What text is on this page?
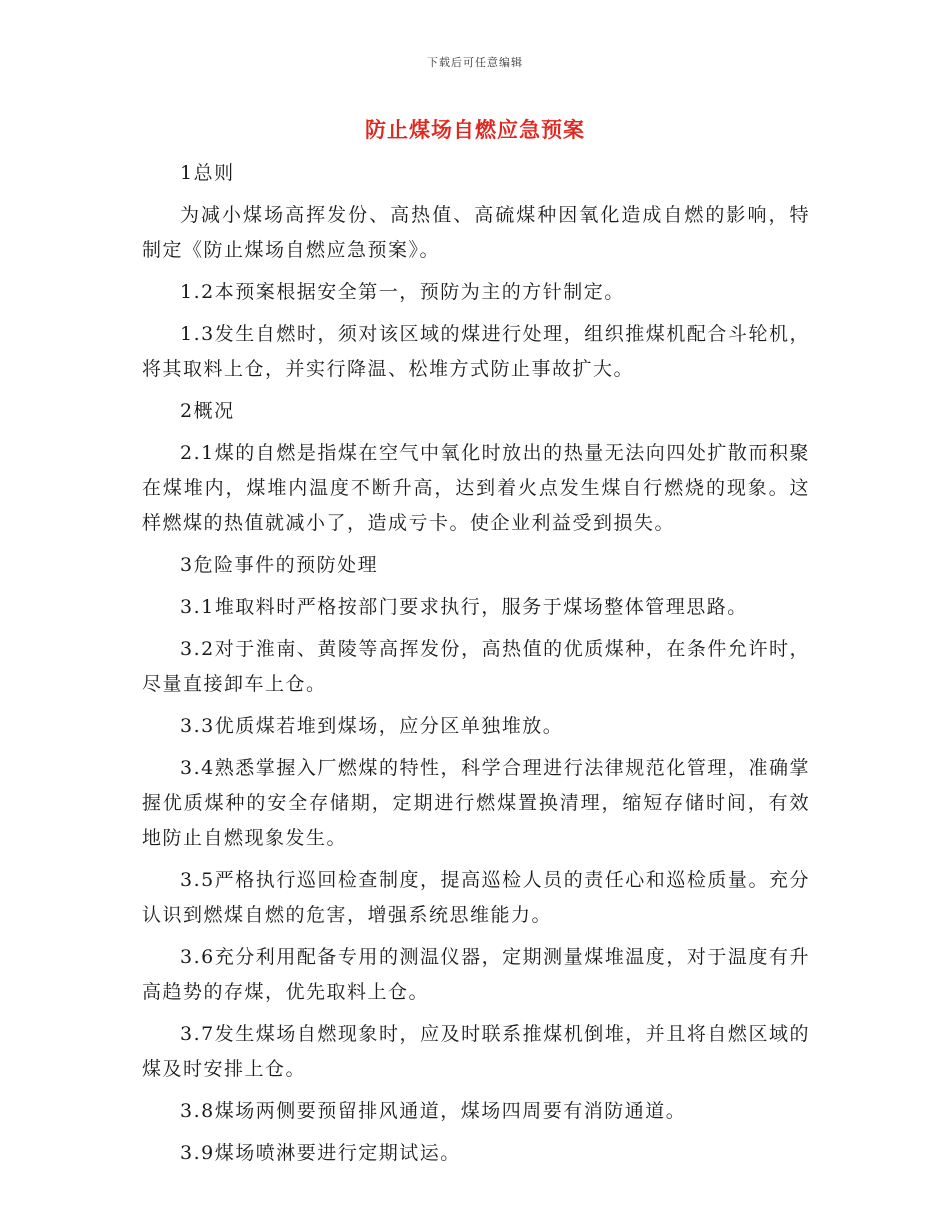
下载后可任意编辑
防止煤场自燃应急预案

1总则

为减小煤场高挥发份、高热值、高硫煤种因氧化造成自燃的影响，特制定《防止煤场自燃应急预案》。

1.2本预案根据安全第一，预防为主的方针制定。

1.3发生自燃时，须对该区域的煤进行处理，组织推煤机配合斗轮机，将其取料上仓，并实行降温、松堆方式防止事故扩大。

2概况

2.1煤的自燃是指煤在空气中氧化时放出的热量无法向四处扩散而积聚在煤堆内，煤堆内温度不断升高，达到着火点发生煤自行燃烧的现象。这样燃煤的热值就减小了，造成亏卡。使企业利益受到损失。

3危险事件的预防处理

3.1堆取料时严格按部门要求执行，服务于煤场整体管理思路。

3.2对于淮南、黄陵等高挥发份，高热值的优质煤种，在条件允许时，尽量直接卸车上仓。

3.3优质煤若堆到煤场，应分区单独堆放。

3.4熟悉掌握入厂燃煤的特性，科学合理进行法律规范化管理，准确掌握优质煤种的安全存储期，定期进行燃煤置换清理，缩短存储时间，有效地防止自燃现象发生。

3.5严格执行巡回检查制度，提高巡检人员的责任心和巡检质量。充分认识到燃煤自燃的危害，增强系统思维能力。

3.6充分利用配备专用的测温仪器，定期测量煤堆温度，对于温度有升高趋势的存煤，优先取料上仓。

3.7发生煤场自燃现象时，应及时联系推煤机倒堆，并且将自燃区域的煤及时安排上仓。

3.8煤场两侧要预留排风通道，煤场四周要有消防通道。

3.9煤场喷淋要进行定期试运。
